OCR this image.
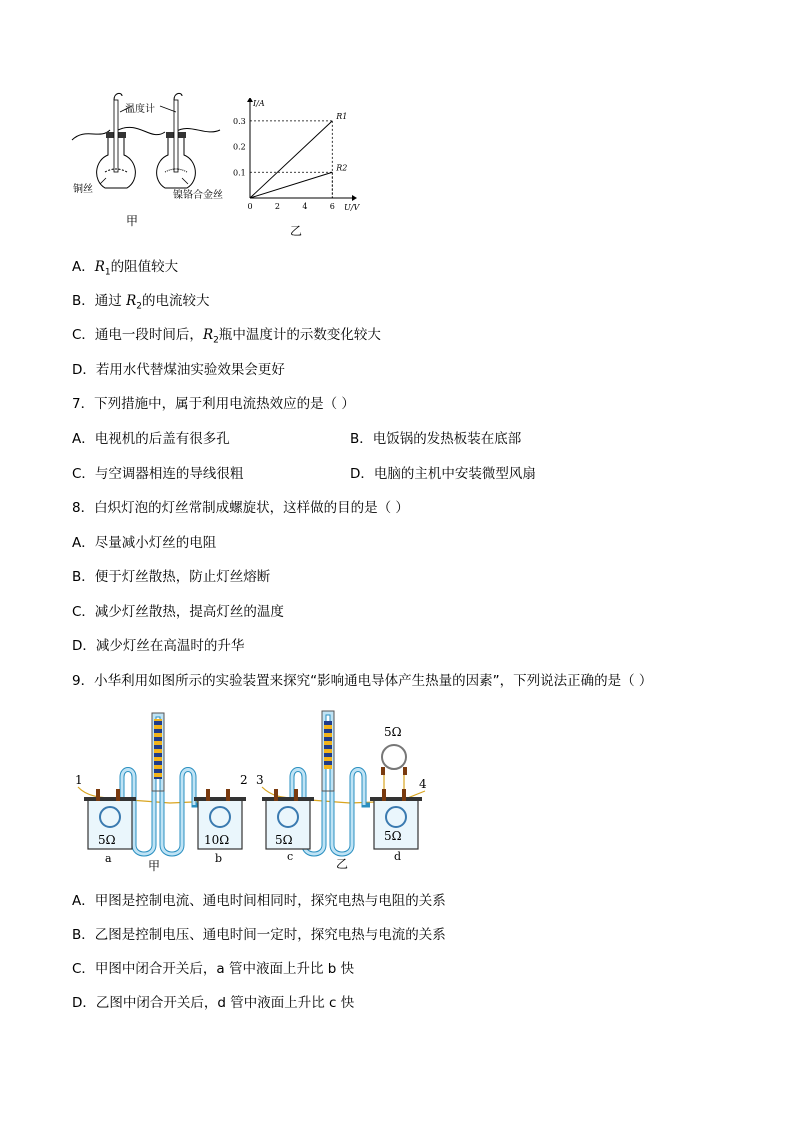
温度计
铜丝
镍铬合金丝
甲
I/A
U/V
0	2	4	6
0.1
0.2
0.3
R1
R2
乙
A．$R_1$的阻值较大
B．通过 $R_2$的电流较大
C．通电一段时间后，$R_2$瓶中温度计的示数变化较大
D．若用水代替煤油实验效果会更好
7．下列措施中，属于利用电流热效应的是（ ）
A．电视机的后盖有很多孔	B．电饭锅的发热板装在底部
C．与空调器相连的导线很粗	D．电脑的主机中安装微型风扇
8．白炽灯泡的灯丝常制成螺旋状，这样做的目的是（ ）
A．尽量减小灯丝的电阻
B．便于灯丝散热，防止灯丝熔断
C．减少灯丝散热，提高灯丝的温度
D．减少灯丝在高温时的升华
9．小华利用如图所示的实验装置来探究“影响通电导体产生热量的因素”，下列说法正确的是（ ）
1	2 3	4
5Ω	10Ω	5Ω	5Ω
5Ω
a	b	c	d
甲	乙
A．甲图是控制电流、通电时间相同时，探究电热与电阻的关系
B．乙图是控制电压、通电时间一定时，探究电热与电流的关系
C．甲图中闭合开关后，a 管中液面上升比 b 快
D．乙图中闭合开关后，d 管中液面上升比 c 快
